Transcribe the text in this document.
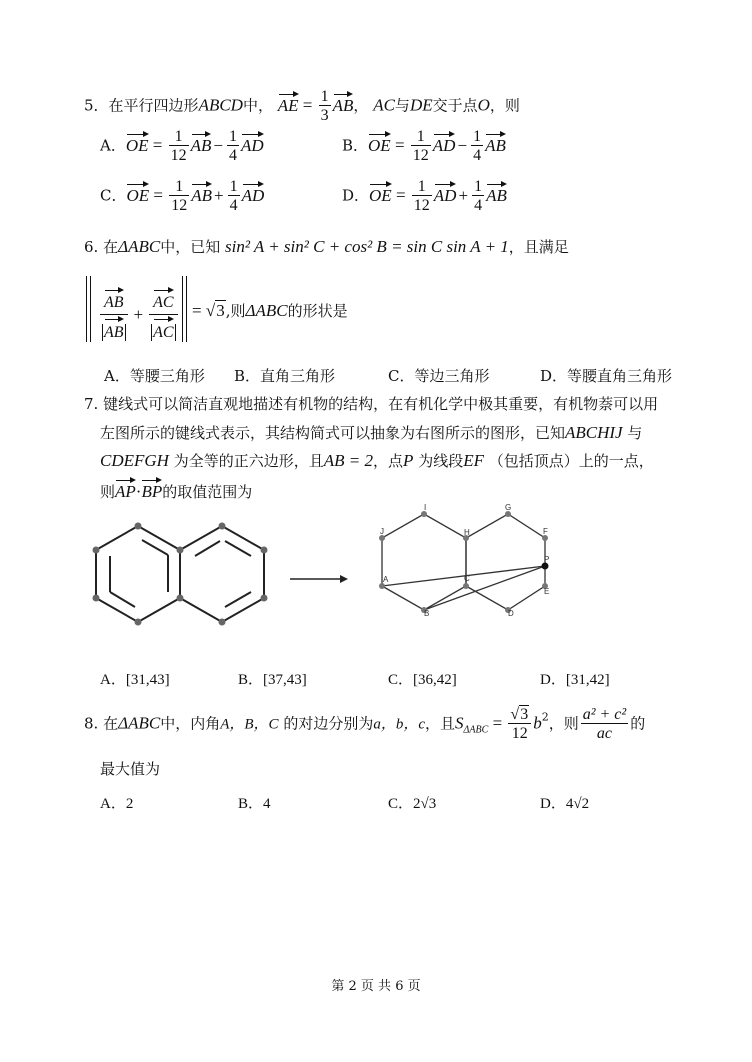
5．在平行四边形ABCD中， AE = $\frac{1}{3}$ AB， AC与DE交于点O，则
A．OE = $\frac{1}{12}$ AB − $\frac{1}{4}$ AD	B．OE = $\frac{1}{12}$ AD − $\frac{1}{4}$ AB
C．OE = $\frac{1}{12}$ AB + $\frac{1}{4}$ AD	D．OE = $\frac{1}{12}$ AD + $\frac{1}{4}$ AB
6. 在ΔABC中，已知 sin² A + sin² C + cos² B = sin C sin A + 1，且满足
$\frac{AB}{AB} + \frac{AC}{AC} = √3$,则ΔABC的形状是
A．等腰三角形 B．直角三角形	C．等边三角形	D．等腰直角三角形
7. 键线式可以简洁直观地描述有机物的结构，在有机化学中极其重要，有机物萘可以用
左图所示的键线式表示，其结构简式可以抽象为右图所示的图形，已知ABCHIJ 与
CDEFGH 为全等的正六边形，且AB = 2，点P 为线段EF （包括顶点）上的一点，
则AP·BP的取值范围为
A
B
C
D
E
F
G
H
I
J
P
A．[31,43]	B．[37,43]	C．[36,42]	D．[31,42]
8. 在ΔABC中，内角A，B，C 的对边分别为a，b，c，且$S_{\Delta ABC} = \frac{√3}{12} b^2$，则 $\frac{\text{a² + c²}}{ac}$ 的
最大值为
A．2	B．4	C．2√3	D．4√2
第 2 页 共 6 页
